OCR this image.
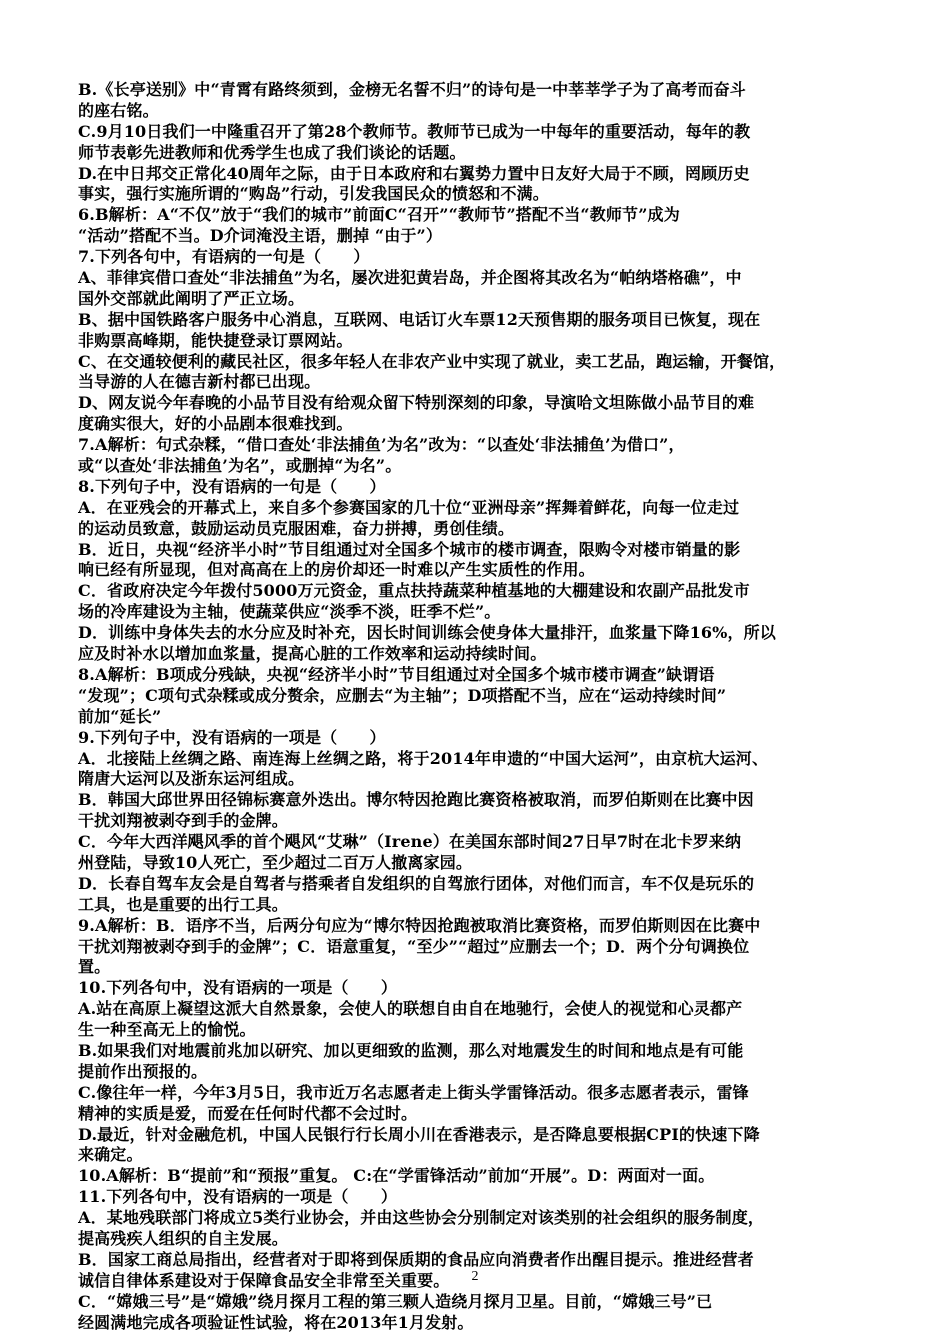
B.《长亭送别》中“青霄有路终须到，金榜无名誓不归”的诗句是一中莘莘学子为了高考而奋斗
的座右铭。
C.9月10日我们一中隆重召开了第28个教师节。教师节已成为一中每年的重要活动，每年的教
师节表彰先进教师和优秀学生也成了我们谈论的话题。
D.在中日邦交正常化40周年之际，由于日本政府和右翼势力置中日友好大局于不顾，罔顾历史
事实，强行实施所谓的“购岛”行动，引发我国民众的愤怒和不满。
6.B解析：A“不仅”放于“我们的城市”前面C“召开”“教师节”搭配不当“教师节”成为
“活动”搭配不当。D介词淹没主语，删掉 “由于”）
7.下列各句中，有语病的一句是（　　）
A、菲律宾借口查处“非法捕鱼”为名，屡次进犯黄岩岛，并企图将其改名为“帕纳塔格礁”，中
国外交部就此阐明了严正立场。
B、据中国铁路客户服务中心消息，互联网、电话订火车票12天预售期的服务项目已恢复，现在
非购票高峰期，能快捷登录订票网站。
C、在交通较便利的藏民社区，很多年轻人在非农产业中实现了就业，卖工艺品，跑运输，开餐馆，
当导游的人在德吉新村都已出现。
D、网友说今年春晚的小品节目没有给观众留下特别深刻的印象，导演哈文坦陈做小品节目的难
度确实很大，好的小品剧本很难找到。
7.A解析：句式杂糅，“借口查处‘非法捕鱼’为名”改为：“以查处‘非法捕鱼’为借口”，
或“以查处‘非法捕鱼’为名”，或删掉“为名”。
8.下列句子中，没有语病的一句是（　　）
A．在亚残会的开幕式上，来自多个参赛国家的几十位“亚洲母亲”挥舞着鲜花，向每一位走过
的运动员致意，鼓励运动员克服困难，奋力拼搏，勇创佳绩。
B．近日，央视“经济半小时”节目组通过对全国多个城市的楼市调查，限购令对楼市销量的影
响已经有所显现，但对高高在上的房价却还一时难以产生实质性的作用。
C．省政府决定今年拨付5000万元资金，重点扶持蔬菜种植基地的大棚建设和农副产品批发市
场的冷库建设为主轴，使蔬菜供应“淡季不淡，旺季不烂”。
D．训练中身体失去的水分应及时补充，因长时间训练会使身体大量排汗，血浆量下降16%，所以
应及时补水以增加血浆量，提高心脏的工作效率和运动持续时间。
8.A解析：B项成分残缺，央视“经济半小时”节目组通过对全国多个城市楼市调查”缺谓语
“发现”；C项句式杂糅或成分赘余，应删去“为主轴”；D项搭配不当，应在“运动持续时间”
前加“延长”
9.下列句子中，没有语病的一项是（　　）
A．北接陆上丝绸之路、南连海上丝绸之路，将于2014年申遗的“中国大运河”，由京杭大运河、
隋唐大运河以及浙东运河组成。
B．韩国大邱世界田径锦标赛意外迭出。博尔特因抢跑比赛资格被取消，而罗伯斯则在比赛中因
干扰刘翔被剥夺到手的金牌。
C．今年大西洋飓风季的首个飓风“艾琳”（Irene）在美国东部时间27日早7时在北卡罗来纳
州登陆，导致10人死亡，至少超过二百万人撤离家园。
D．长春自驾车友会是自驾者与搭乘者自发组织的自驾旅行团体，对他们而言，车不仅是玩乐的
工具，也是重要的出行工具。
9.A解析：B．语序不当，后两分句应为“博尔特因抢跑被取消比赛资格，而罗伯斯则因在比赛中
干扰刘翔被剥夺到手的金牌”；C．语意重复，“至少”“超过”应删去一个；D．两个分句调换位
置。
10.下列各句中，没有语病的一项是（　　）
A.站在高原上凝望这派大自然景象，会使人的联想自由自在地驰行，会使人的视觉和心灵都产
生一种至高无上的愉悦。
B.如果我们对地震前兆加以研究、加以更细致的监测，那么对地震发生的时间和地点是有可能
提前作出预报的。
C.像往年一样，今年3月5日，我市近万名志愿者走上街头学雷锋活动。很多志愿者表示，雷锋
精神的实质是爱，而爱在任何时代都不会过时。
D.最近，针对金融危机，中国人民银行行长周小川在香港表示，是否降息要根据CPI的快速下降
来确定。
10.A解析：B“提前”和“预报”重复。 C:在“学雷锋活动”前加“开展”。D：两面对一面。
11.下列各句中，没有语病的一项是（　　）
A．某地残联部门将成立5类行业协会，并由这些协会分别制定对该类别的社会组织的服务制度，
提高残疾人组织的自主发展。
B．国家工商总局指出，经营者对于即将到保质期的食品应向消费者作出醒目提示。推进经营者
诚信自律体系建设对于保障食品安全非常至关重要。
C．“嫦娥三号”是“嫦娥”绕月探月工程的第三颗人造绕月探月卫星。目前，“嫦娥三号”已
经圆满地完成各项验证性试验，将在2013年1月发射。
2
